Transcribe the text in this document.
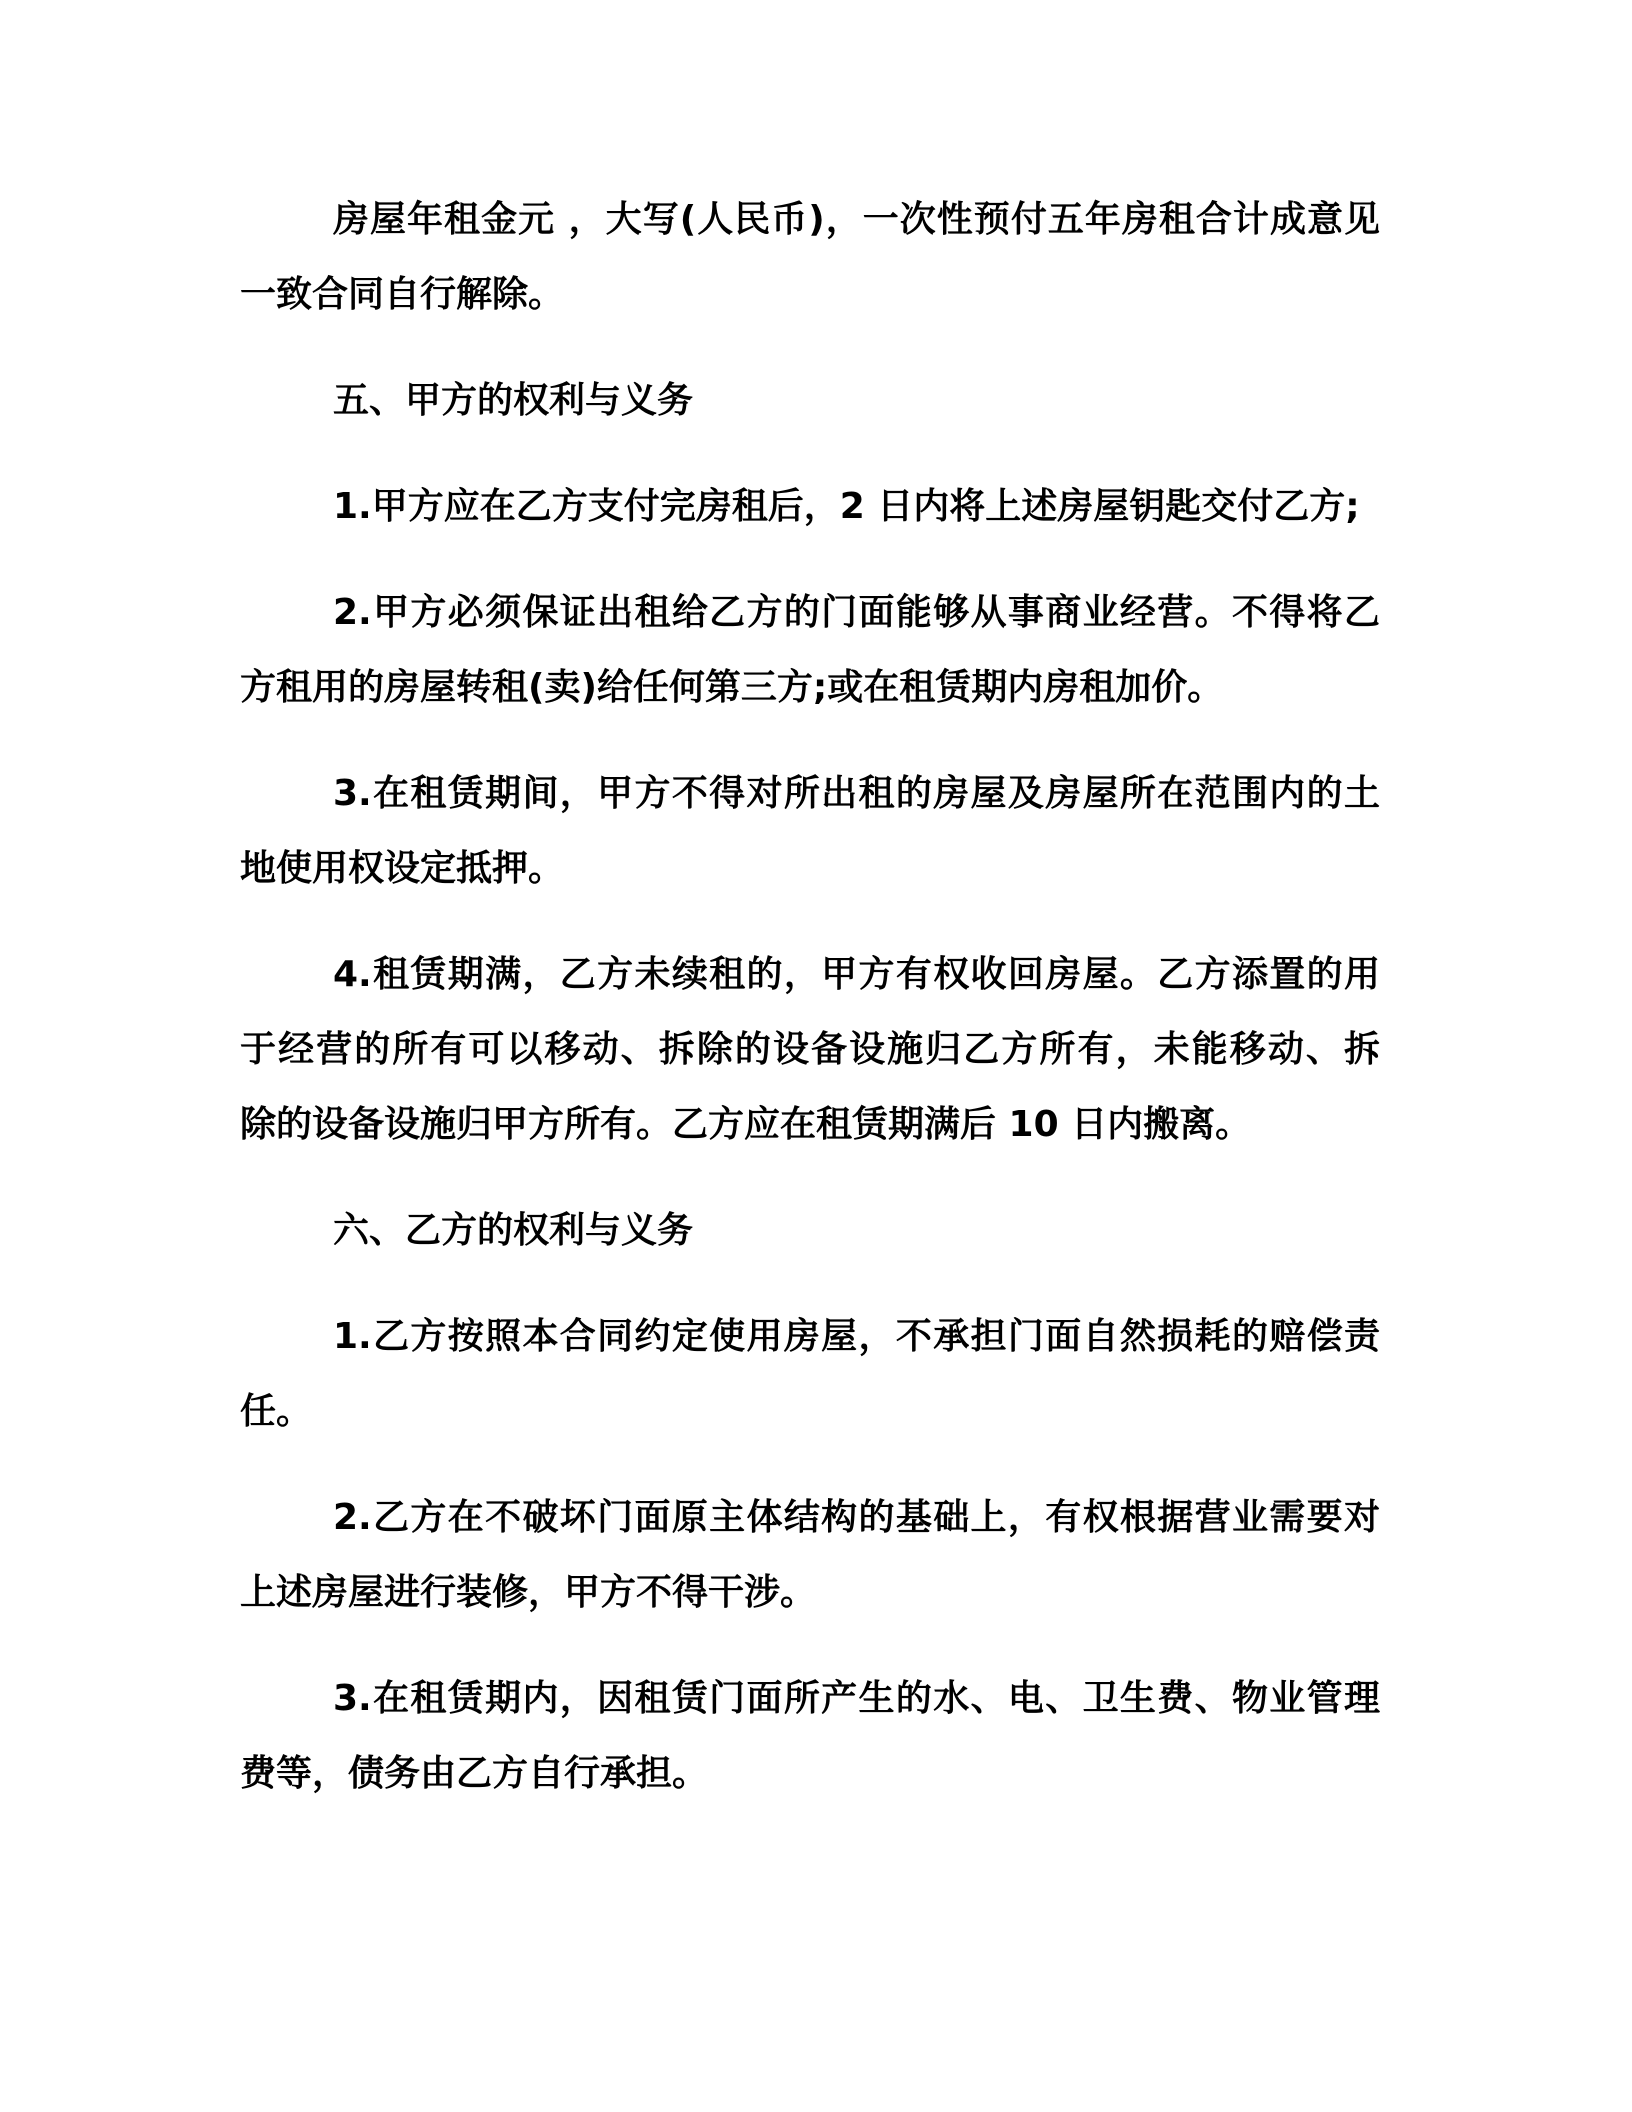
房屋年租金元 ，大写(人民币)，一次性预付五年房租合计成意见
一致合同自行解除。
五、甲方的权利与义务
1.甲方应在乙方支付完房租后，2 日内将上述房屋钥匙交付乙方;
2.甲方必须保证出租给乙方的门面能够从事商业经营。不得将乙
方租用的房屋转租(卖)给任何第三方;或在租赁期内房租加价。
3.在租赁期间，甲方不得对所出租的房屋及房屋所在范围内的土
地使用权设定抵押。
4.租赁期满，乙方未续租的，甲方有权收回房屋。乙方添置的用
于经营的所有可以移动、拆除的设备设施归乙方所有，未能移动、拆
除的设备设施归甲方所有。乙方应在租赁期满后 10 日内搬离。
六、乙方的权利与义务
1.乙方按照本合同约定使用房屋，不承担门面自然损耗的赔偿责
任。
2.乙方在不破坏门面原主体结构的基础上，有权根据营业需要对
上述房屋进行装修，甲方不得干涉。
3.在租赁期内，因租赁门面所产生的水、电、卫生费、物业管理
费等，债务由乙方自行承担。
